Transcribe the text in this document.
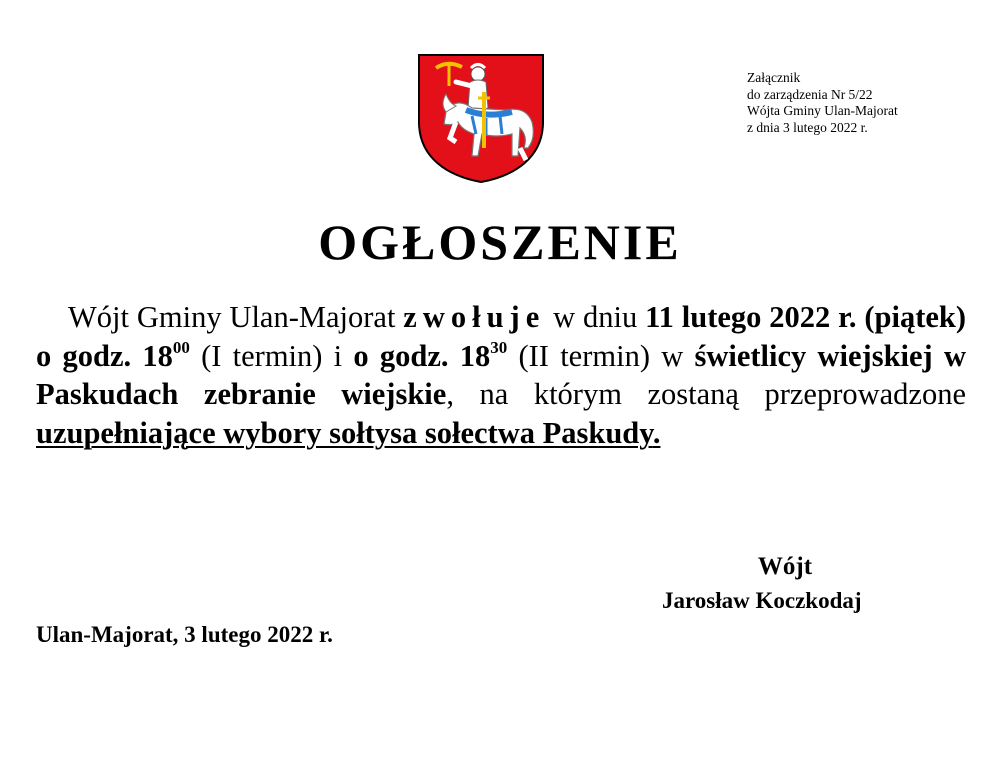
Załącznik
do zarządzenia Nr 5/22
Wójta Gminy Ulan-Majorat
z dnia 3 lutego 2022 r.
OGŁOSZENIE

Wójt Gminy Ulan-Majorat zwołuje w dniu 11 lutego 2022 r. (piątek) o godz. $18^{00}$ (I termin) i o godz. $18^{30}$ (II termin) w świetlicy wiejskiej w Paskudach zebranie wiejskie, na którym zostaną przeprowadzone uzupełniające wybory sołtysa sołectwa Paskudy.

Wójt
Jarosław Koczkodaj
Ulan-Majorat, 3 lutego 2022 r.
